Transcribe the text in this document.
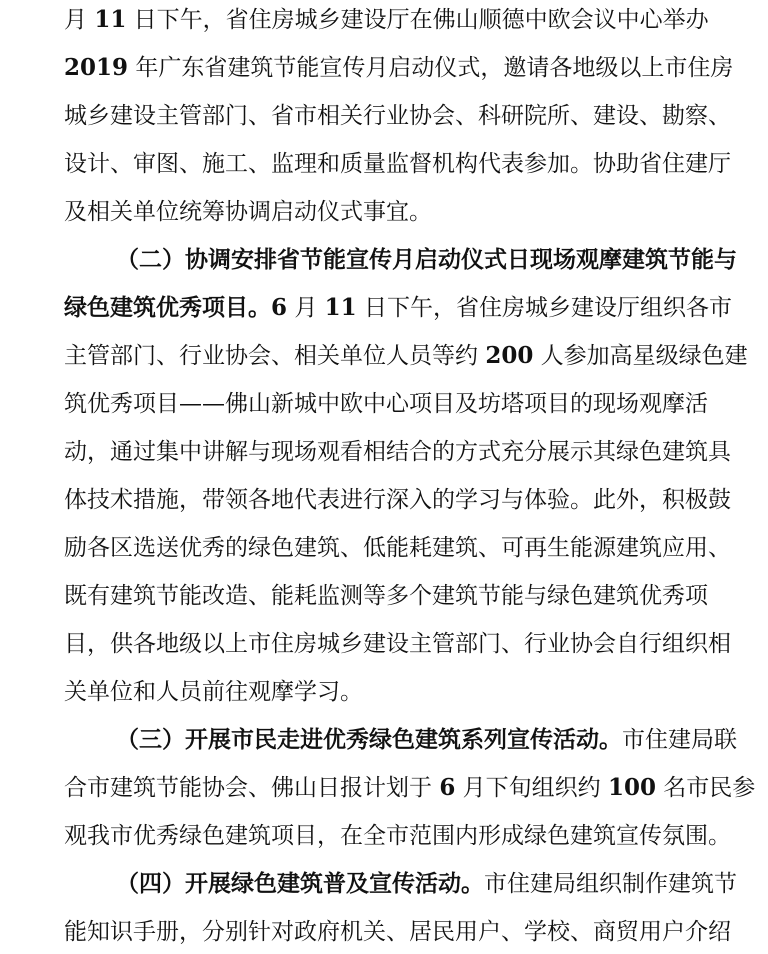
月 11 日下午，省住房城乡建设厅在佛山顺德中欧会议中心举办
2019 年广东省建筑节能宣传月启动仪式，邀请各地级以上市住房
城乡建设主管部门、省市相关行业协会、科研院所、建设、勘察、
设计、审图、施工、监理和质量监督机构代表参加。协助省住建厅
及相关单位统筹协调启动仪式事宜。
（二）协调安排省节能宣传月启动仪式日现场观摩建筑节能与
绿色建筑优秀项目。6 月 11 日下午，省住房城乡建设厅组织各市
主管部门、行业协会、相关单位人员等约 200 人参加高星级绿色建
筑优秀项目——佛山新城中欧中心项目及坊塔项目的现场观摩活
动，通过集中讲解与现场观看相结合的方式充分展示其绿色建筑具
体技术措施，带领各地代表进行深入的学习与体验。此外，积极鼓
励各区选送优秀的绿色建筑、低能耗建筑、可再生能源建筑应用、
既有建筑节能改造、能耗监测等多个建筑节能与绿色建筑优秀项
目，供各地级以上市住房城乡建设主管部门、行业协会自行组织相
关单位和人员前往观摩学习。
（三）开展市民走进优秀绿色建筑系列宣传活动。市住建局联
合市建筑节能协会、佛山日报计划于 6 月下旬组织约 100 名市民参
观我市优秀绿色建筑项目，在全市范围内形成绿色建筑宣传氛围。
（四）开展绿色建筑普及宣传活动。市住建局组织制作建筑节
能知识手册，分别针对政府机关、居民用户、学校、商贸用户介绍
